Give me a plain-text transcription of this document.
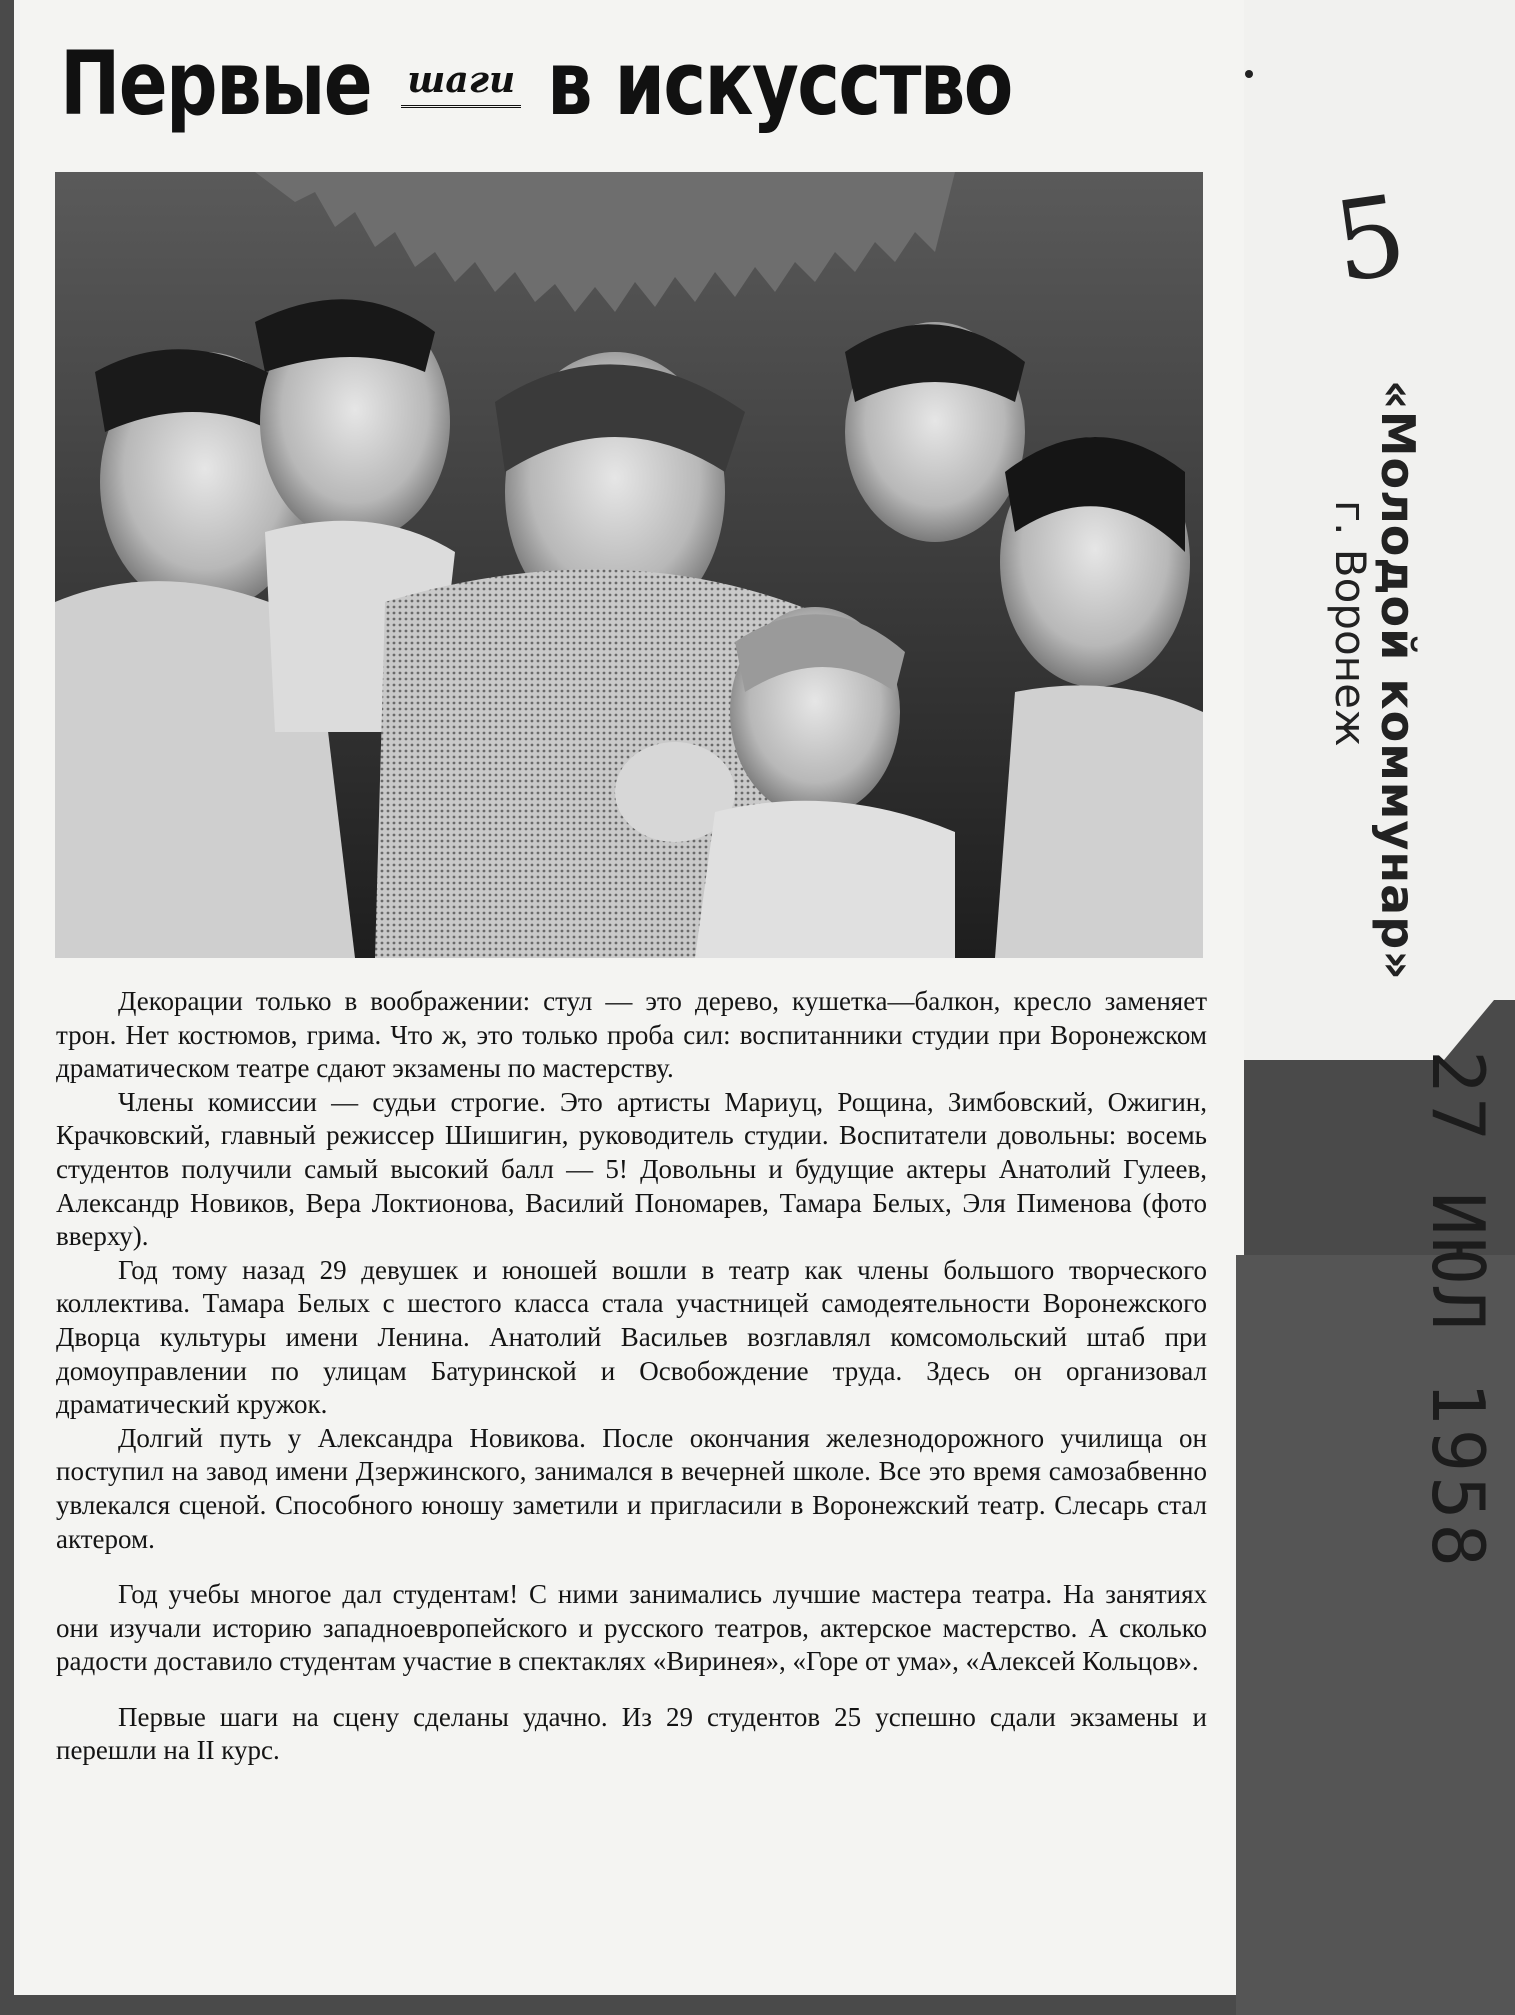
Первые шаги в искусство

Декорации только в воображении: стул — это дерево, кушетка—балкон, кресло заменяет трон. Нет костюмов, грима. Что ж, это только проба сил: воспитанники студии при Воронежском драматическом театре сдают экзамены по мастерству.

Члены комиссии — судьи строгие. Это артисты Мариуц, Рощина, Зимбовский, Ожигин, Крачковский, главный режиссер Шишигин, руководитель студии. Воспитатели довольны: восемь студентов получили самый высокий балл — 5! Довольны и будущие актеры Анатолий Гулеев, Александр Новиков, Вера Локтионова, Василий Пономарев, Тамара Белых, Эля Пименова (фото вверху).

Год тому назад 29 девушек и юношей вошли в театр как члены большого творческого коллектива. Тамара Белых с шестого класса стала участницей самодеятельности Воронежского Дворца культуры имени Ленина. Анатолий Васильев возглавлял комсомольский штаб при домоуправлении по улицам Батуринской и Освобождение труда. Здесь он организовал драматический кружок.

Долгий путь у Александра Новикова. После окончания железнодорожного училища он поступил на завод имени Дзержинского, занимался в вечерней школе. Все это время самозабвенно увлекался сценой. Способного юношу заметили и пригласили в Воронежский театр. Слесарь стал актером.

Год учебы многое дал студентам! С ними занимались лучшие мастера театра. На занятиях они изучали историю западноевропейского и русского театров, актерское мастерство. А сколько радости доставило студентам участие в спектаклях «Виринея», «Горе от ума», «Алексей Кольцов».

Первые шаги на сцену сделаны удачно. Из 29 студентов 25 успешно сдали экзамены и перешли на II курс.

5
«Молодой коммунар»
г. Воронеж
27 ИЮЛ 1958
